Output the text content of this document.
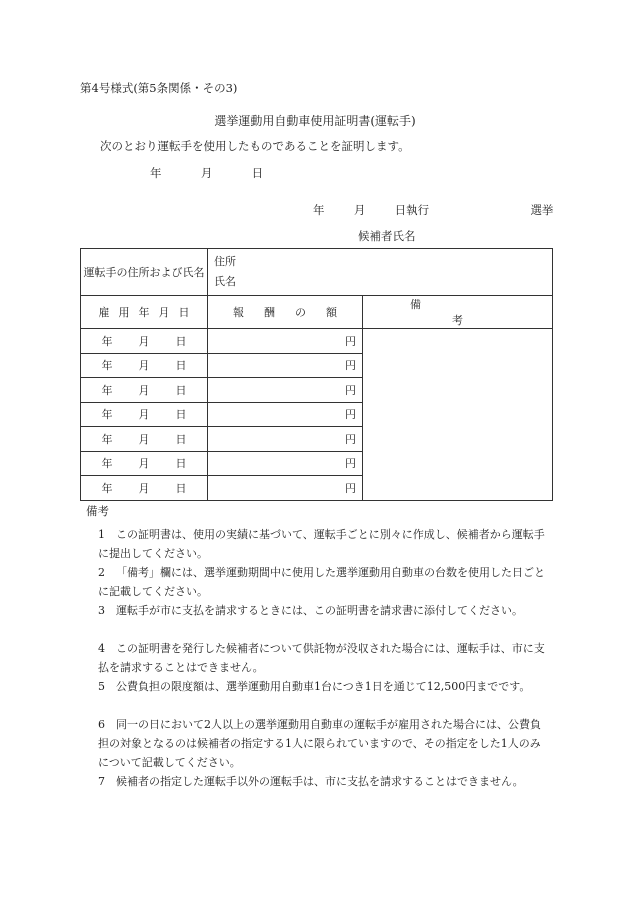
第4号様式(第5条関係・その3)
選挙運動用自動車使用証明書(運転手)
次のとおり運転手を使用したものであることを証明します。
年	月	日
年	月	日執行	選挙
候補者氏名
運転手の住所および氏名	住所
氏名	

雇用年月日	報酬の額	備考
年 月 日	円	
年 月 日	円	
年 月 日	円	
年 月 日	円	
年 月 日	円	
年 月 日	円	
年 月 日	円	
備考
1 この証明書は、使用の実績に基づいて、運転手ごとに別々に作成し、候補者から運転手に提出してください。
2 「備考」欄には、選挙運動期間中に使用した選挙運動用自動車の台数を使用した日ごとに記載してください。
3 運転手が市に支払を請求するときには、この証明書を請求書に添付してください。
4 この証明書を発行した候補者について供託物が没収された場合には、運転手は、市に支払を請求することはできません。
5 公費負担の限度額は、選挙運動用自動車1台につき1日を通じて12,500円までです。
6 同一の日において2人以上の選挙運動用自動車の運転手が雇用された場合には、公費負担の対象となるのは候補者の指定する1人に限られていますので、その指定をした1人のみについて記載してください。
7 候補者の指定した運転手以外の運転手は、市に支払を請求することはできません。
